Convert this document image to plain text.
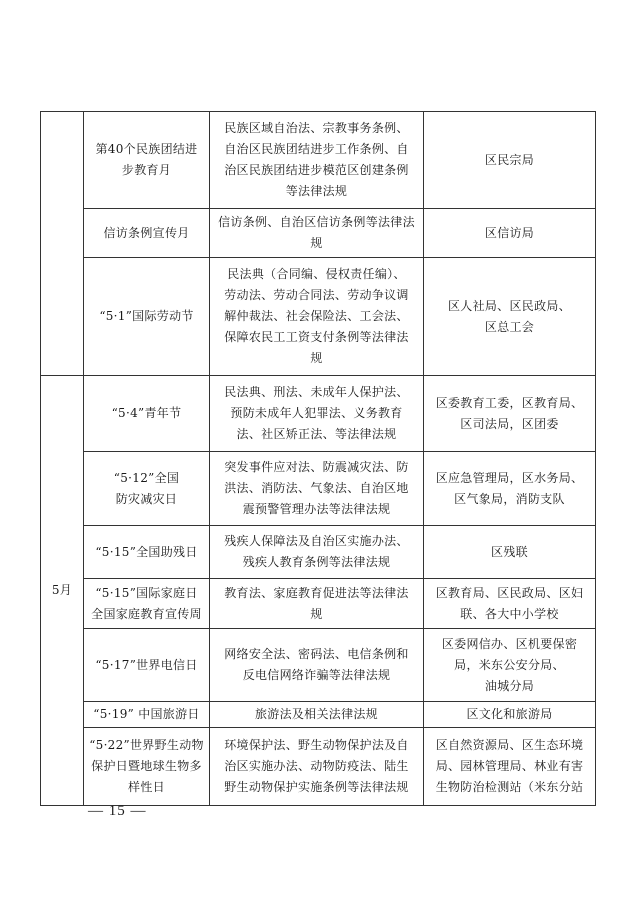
	第40个民族团结进
步教育月	民族区域自治法、宗教事务条例、
自治区民族团结进步工作条例、自
治区民族团结进步模范区创建条例
等法律法规	区民宗局

	信访条例宣传月	信访条例、自治区信访条例等法律法规	区信访局

	“5·1”国际劳动节	民法典（合同编、侵权责任编）、
劳动法、劳动合同法、劳动争议调
解仲裁法、社会保险法、工会法、
保障农民工工资支付条例等法律法
规	区人社局、区民政局、
区总工会

5月	“5·4”青年节	民法典、刑法、未成年人保护法、
预防未成年人犯罪法、义务教育
法、社区矫正法、等法律法规	区委教育工委，区教育局、
区司法局，区团委

	“5·12”全国
防灾减灾日	突发事件应对法、防震减灾法、防
洪法、消防法、气象法、自治区地
震预警管理办法等法律法规	区应急管理局，区水务局、
区气象局，消防支队

	“5·15”全国助残日	残疾人保障法及自治区实施办法、
残疾人教育条例等法律法规	区残联

	“5·15”国际家庭日
全国家庭教育宣传周	教育法、家庭教育促进法等法律法
规	区教育局、区民政局、区妇
联、各大中小学校

	“5·17”世界电信日	网络安全法、密码法、电信条例和
反电信网络诈骗等法律法规	区委网信办、区机要保密
局，米东公安分局、
油城分局

	“5·19” 中国旅游日	旅游法及相关法律法规	区文化和旅游局

	“5·22”世界野生动物
保护日暨地球生物多
样性日	环境保护法、野生动物保护法及自
治区实施办法、动物防疫法、陆生
野生动物保护实施条例等法律法规	区自然资源局、区生态环境
局、园林管理局、林业有害
生物防治检测站（米东分站
— 15 —
